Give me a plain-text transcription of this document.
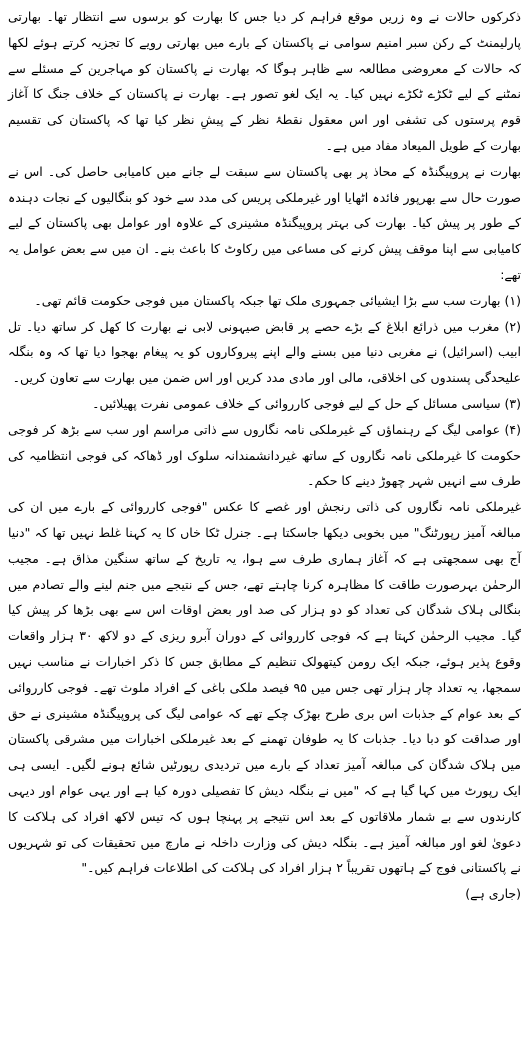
ذکرکوں حالات نے وہ زریں موقع فراہم کر دیا جس کا بھارت کو برسوں سے انتظار تھا۔ بھارتی پارلیمنٹ کے رکن سبر امنیم سوامی نے پاکستان کے بارے میں بھارتی رویے کا تجزیہ کرتے ہوئے لکھا کہ حالات کے معروضی مطالعہ سے ظاہر ہوگا کہ بھارت نے پاکستان کو مہاجرین کے مسئلے سے نمٹنے کے لیے ٹکڑے ٹکڑے نہیں کیا۔ یہ ایک لغو تصور ہے۔ بھارت نے پاکستان کے خلاف جنگ کا آغاز قوم پرستوں کی تشفی اور اس معقول نقطۂ نظر کے پیشِ نظر کیا تھا کہ پاکستان کی تقسیم بھارت کے طویل المیعاد مفاد میں ہے۔

بھارت نے پروپیگنڈہ کے محاذ پر بھی پاکستان سے سبقت لے جانے میں کامیابی حاصل کی۔ اس نے صورت حال سے بھرپور فائدہ اٹھایا اور غیرملکی پریس کی مدد سے خود کو بنگالیوں کے نجات دہندہ کے طور پر پیش کیا۔ بھارت کی بہتر پروپیگنڈہ مشینری کے علاوہ اور عوامل بھی پاکستان کے لیے کامیابی سے اپنا موقف پیش کرنے کی مساعی میں رکاوٹ کا باعث بنے۔ ان میں سے بعض عوامل یہ تھے:

(۱) بھارت سب سے بڑا ایشیائی جمہوری ملک تھا جبکہ پاکستان میں فوجی حکومت قائم تھی۔

(۲) مغرب میں ذرائع ابلاغ کے بڑے حصے پر قابض صیہونی لابی نے بھارت کا کھل کر ساتھ دیا۔ تل ابیب (اسرائیل) نے مغربی دنیا میں بسنے والے اپنے پیروکاروں کو یہ پیغام بھجوا دیا تھا کہ وہ بنگلہ علیحدگی پسندوں کی اخلاقی، مالی اور مادی مدد کریں اور اس ضمن میں بھارت سے تعاون کریں۔

(۳) سیاسی مسائل کے حل کے لیے فوجی کارروائی کے خلاف عمومی نفرت پھیلائیں۔

(۴) عوامی لیگ کے رہنماؤں کے غیرملکی نامہ نگاروں سے ذاتی مراسم اور سب سے بڑھ کر فوجی حکومت کا غیرملکی نامہ نگاروں کے ساتھ غیردانشمندانہ سلوک اور ڈھاکہ کی فوجی انتظامیہ کی طرف سے انہیں شہر چھوڑ دینے کا حکم۔

غیرملکی نامہ نگاروں کی ذاتی رنجش اور غصے کا عکس "فوجی کارروائی کے بارے میں ان کی مبالغہ آمیز رپورٹنگ" میں بخوبی دیکھا جاسکتا ہے۔ جنرل ٹکا خاں کا یہ کہنا غلط نہیں تھا کہ "دنیا آج بھی سمجھتی ہے کہ آغاز ہماری طرف سے ہوا، یہ تاریخ کے ساتھ سنگین مذاق ہے۔ مجیب الرحمٰن بہرصورت طاقت کا مظاہرہ کرنا چاہتے تھے، جس کے نتیجے میں جنم لینے والے تصادم میں بنگالی ہلاک شدگان کی تعداد کو دو ہزار کی صد اور بعض اوقات اس سے بھی بڑھا کر پیش کیا گیا۔ مجیب الرحمٰن کہتا ہے کہ فوجی کارروائی کے دوران آبرو ریزی کے دو لاکھ ۳۰ ہزار واقعات وقوع پذیر ہوئے، جبکہ ایک رومن کیتھولک تنظیم کے مطابق جس کا ذکر اخبارات نے مناسب نہیں سمجھا، یہ تعداد چار ہزار تھی جس میں ۹۵ فیصد ملکی باغی کے افراد ملوث تھے۔ فوجی کارروائی کے بعد عوام کے جذبات اس بری طرح بھڑک چکے تھے کہ عوامی لیگ کی پروپیگنڈہ مشینری نے حق اور صداقت کو دبا دیا۔ جذبات کا یہ طوفان تھمنے کے بعد غیرملکی اخبارات میں مشرقی پاکستان میں ہلاک شدگان کی مبالغہ آمیز تعداد کے بارے میں تردیدی رپورٹیں شائع ہونے لگیں۔ ایسی ہی ایک رپورٹ میں کہا گیا ہے کہ "میں نے بنگلہ دیش کا تفصیلی دورہ کیا ہے اور یہی عوام اور دیہی کارندوں سے بے شمار ملاقاتوں کے بعد اس نتیجے پر پہنچا ہوں کہ تیس لاکھ افراد کی ہلاکت کا دعویٰ لغو اور مبالغہ آمیز ہے۔ بنگلہ دیش کی وزارت داخلہ نے مارچ میں تحقیقات کی تو شہریوں نے پاکستانی فوج کے ہاتھوں تقریباً ۲ ہزار افراد کی ہلاکت کی اطلاعات فراہم کیں۔"

(جاری ہے)
